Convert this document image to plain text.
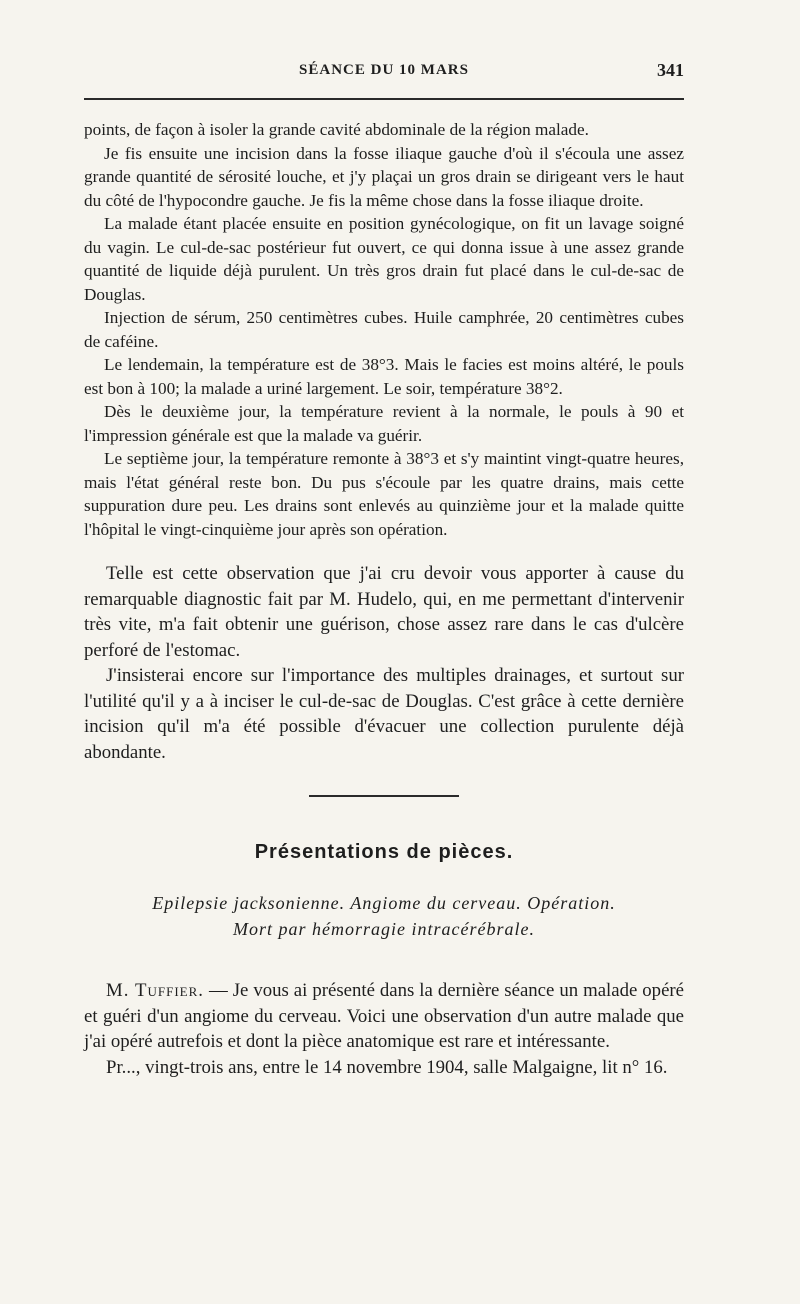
SÉANCE DU 10 MARS	341

points, de façon à isoler la grande cavité abdominale de la région malade.

Je fis ensuite une incision dans la fosse iliaque gauche d'où il s'écoula une assez grande quantité de sérosité louche, et j'y plaçai un gros drain se dirigeant vers le haut du côté de l'hypocondre gauche. Je fis la même chose dans la fosse iliaque droite.

La malade étant placée ensuite en position gynécologique, on fit un lavage soigné du vagin. Le cul-de-sac postérieur fut ouvert, ce qui donna issue à une assez grande quantité de liquide déjà purulent. Un très gros drain fut placé dans le cul-de-sac de Douglas.

Injection de sérum, 250 centimètres cubes. Huile camphrée, 20 centimètres cubes de caféine.

Le lendemain, la température est de 38°3. Mais le facies est moins altéré, le pouls est bon à 100; la malade a uriné largement. Le soir, température 38°2.

Dès le deuxième jour, la température revient à la normale, le pouls à 90 et l'impression générale est que la malade va guérir.

Le septième jour, la température remonte à 38°3 et s'y maintint vingt-quatre heures, mais l'état général reste bon. Du pus s'écoule par les quatre drains, mais cette suppuration dure peu. Les drains sont enlevés au quinzième jour et la malade quitte l'hôpital le vingt-cinquième jour après son opération.

Telle est cette observation que j'ai cru devoir vous apporter à cause du remarquable diagnostic fait par M. Hudelo, qui, en me permettant d'intervenir très vite, m'a fait obtenir une guérison, chose assez rare dans le cas d'ulcère perforé de l'estomac.

J'insisterai encore sur l'importance des multiples drainages, et surtout sur l'utilité qu'il y a à inciser le cul-de-sac de Douglas. C'est grâce à cette dernière incision qu'il m'a été possible d'évacuer une collection purulente déjà abondante.

Présentations de pièces.
Epilepsie jacksonienne. Angiome du cerveau. Opération.
Mort par hémorragie intracérébrale.

M. Tuffier. — Je vous ai présenté dans la dernière séance un malade opéré et guéri d'un angiome du cerveau. Voici une observation d'un autre malade que j'ai opéré autrefois et dont la pièce anatomique est rare et intéressante.

Pr..., vingt-trois ans, entre le 14 novembre 1904, salle Malgaigne, lit n° 16.
